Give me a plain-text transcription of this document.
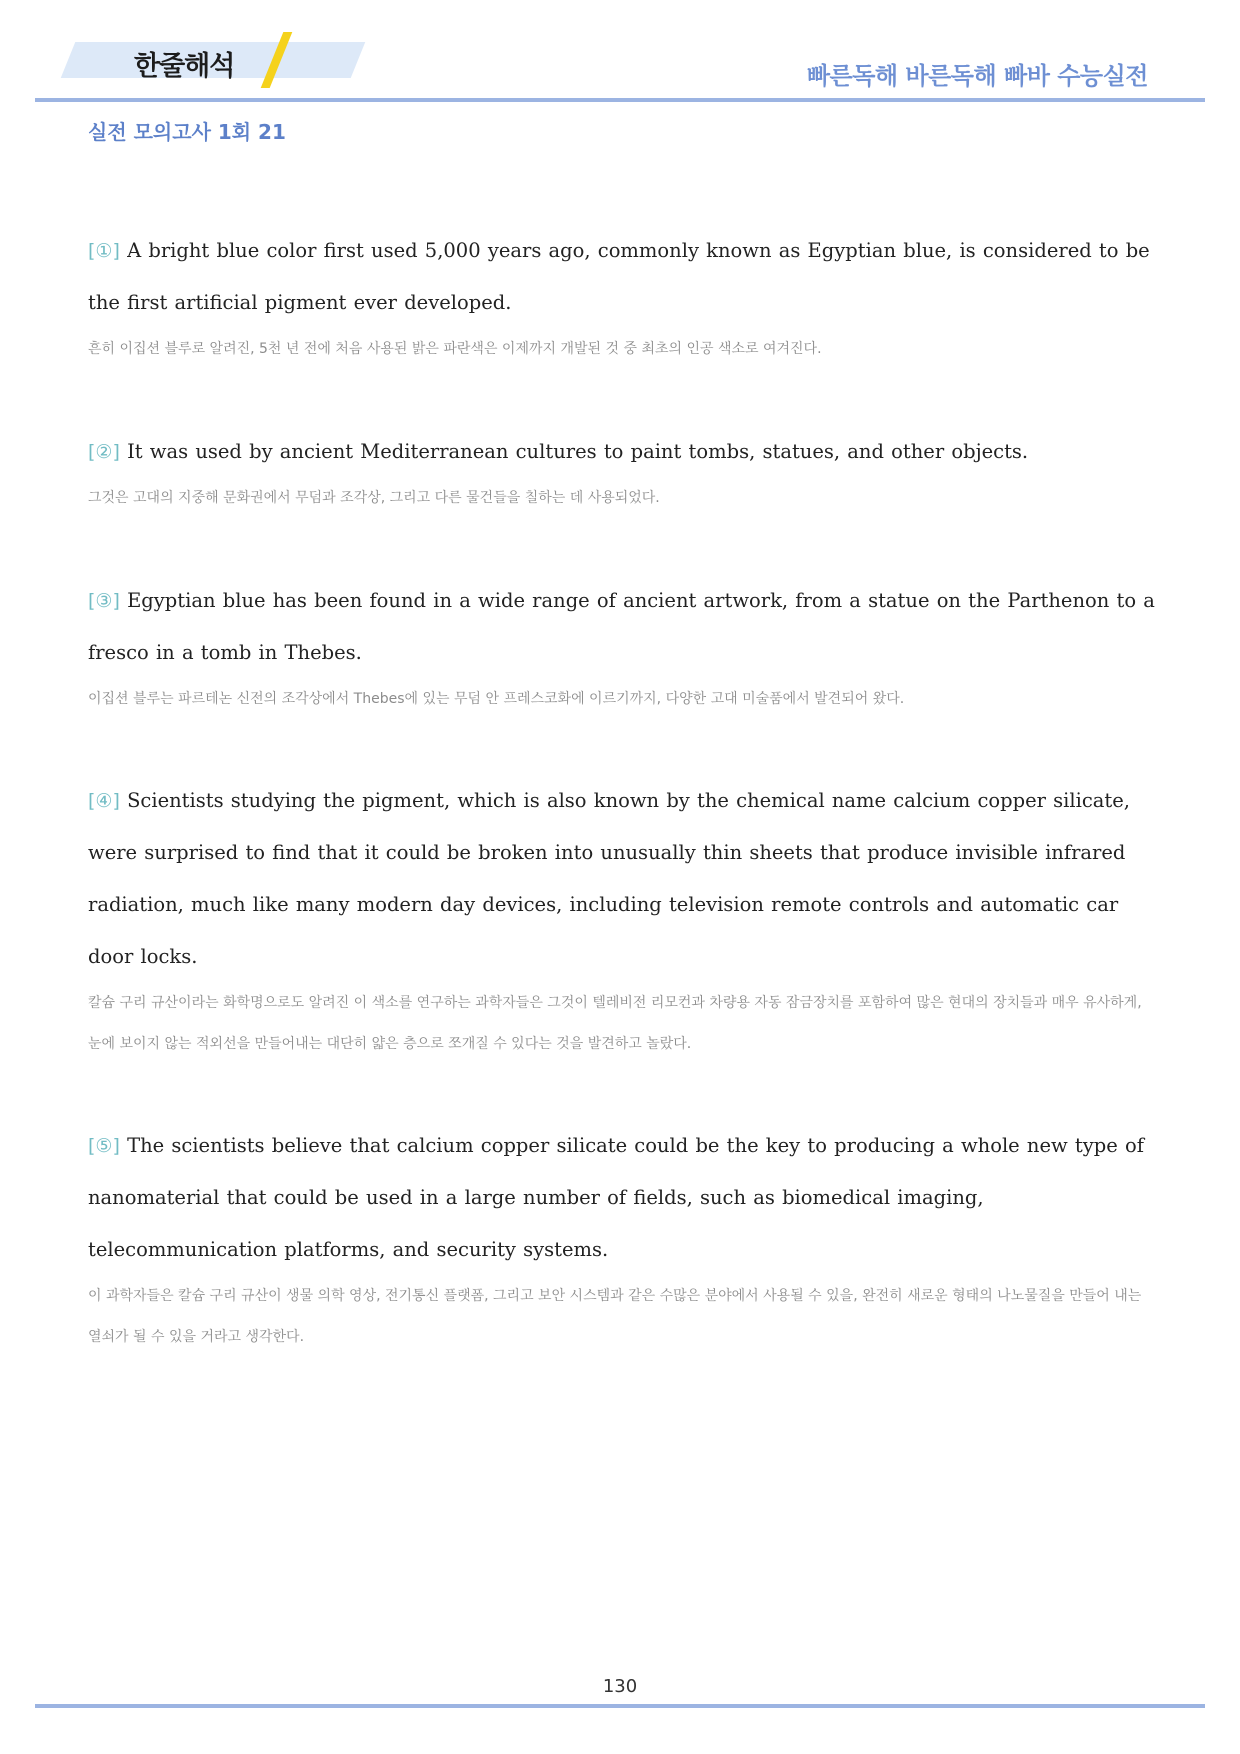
한줄해석	빠른독해 바른독해 빠바 수능실전
실전 모의고사 1회 21

[①] A bright blue color first used 5,000 years ago, commonly known as Egyptian blue, is considered to be the first artificial pigment ever developed.

흔히 이집션 블루로 알려진, 5천 년 전에 처음 사용된 밝은 파란색은 이제까지 개발된 것 중 최초의 인공 색소로 여겨진다.

[②] It was used by ancient Mediterranean cultures to paint tombs, statues, and other objects.

그것은 고대의 지중해 문화권에서 무덤과 조각상, 그리고 다른 물건들을 칠하는 데 사용되었다.

[③] Egyptian blue has been found in a wide range of ancient artwork, from a statue on the Parthenon to a fresco in a tomb in Thebes.

이집션 블루는 파르테논 신전의 조각상에서 Thebes에 있는 무덤 안 프레스코화에 이르기까지, 다양한 고대 미술품에서 발견되어 왔다.

[④] Scientists studying the pigment, which is also known by the chemical name calcium copper silicate, were surprised to find that it could be broken into unusually thin sheets that produce invisible infrared radiation, much like many modern day devices, including television remote controls and automatic car door locks.

칼슘 구리 규산이라는 화학명으로도 알려진 이 색소를 연구하는 과학자들은 그것이 텔레비전 리모컨과 차량용 자동 잠금장치를 포함하여 많은 현대의 장치들과 매우 유사하게, 눈에 보이지 않는 적외선을 만들어내는 대단히 얇은 층으로 쪼개질 수 있다는 것을 발견하고 놀랐다.

[⑤] The scientists believe that calcium copper silicate could be the key to producing a whole new type of nanomaterial that could be used in a large number of fields, such as biomedical imaging, telecommunication platforms, and security systems.

이 과학자들은 칼슘 구리 규산이 생물 의학 영상, 전기통신 플랫폼, 그리고 보안 시스템과 같은 수많은 분야에서 사용될 수 있을, 완전히 새로운 형태의 나노물질을 만들어 내는 열쇠가 될 수 있을 거라고 생각한다.

130
